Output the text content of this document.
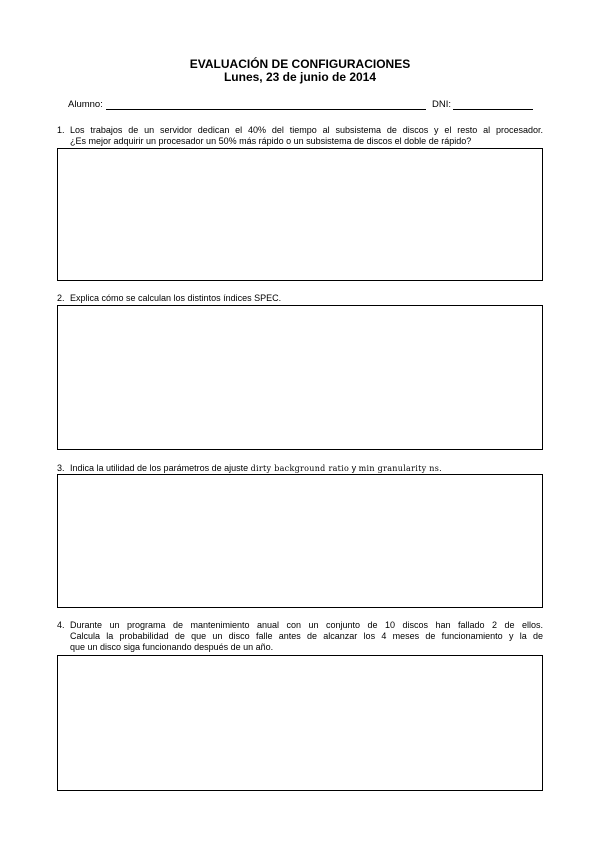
EVALUACIÓN DE CONFIGURACIONES
Lunes, 23 de junio de 2014
Alumno:	DNI:
1. Los trabajos de un servidor dedican el 40% del tiempo al subsistema de discos y el resto al procesador.
¿Es mejor adquirir un procesador un 50% más rápido o un subsistema de discos el doble de rápido?
2. Explica cómo se calculan los distintos índices SPEC.
3. Indica la utilidad de los parámetros de ajuste dirty background ratio y min granularity ns.
4. Durante un programa de mantenimiento anual con un conjunto de 10 discos han fallado 2 de ellos.
Calcula la probabilidad de que un disco falle antes de alcanzar los 4 meses de funcionamiento y la de
que un disco siga funcionando después de un año.
